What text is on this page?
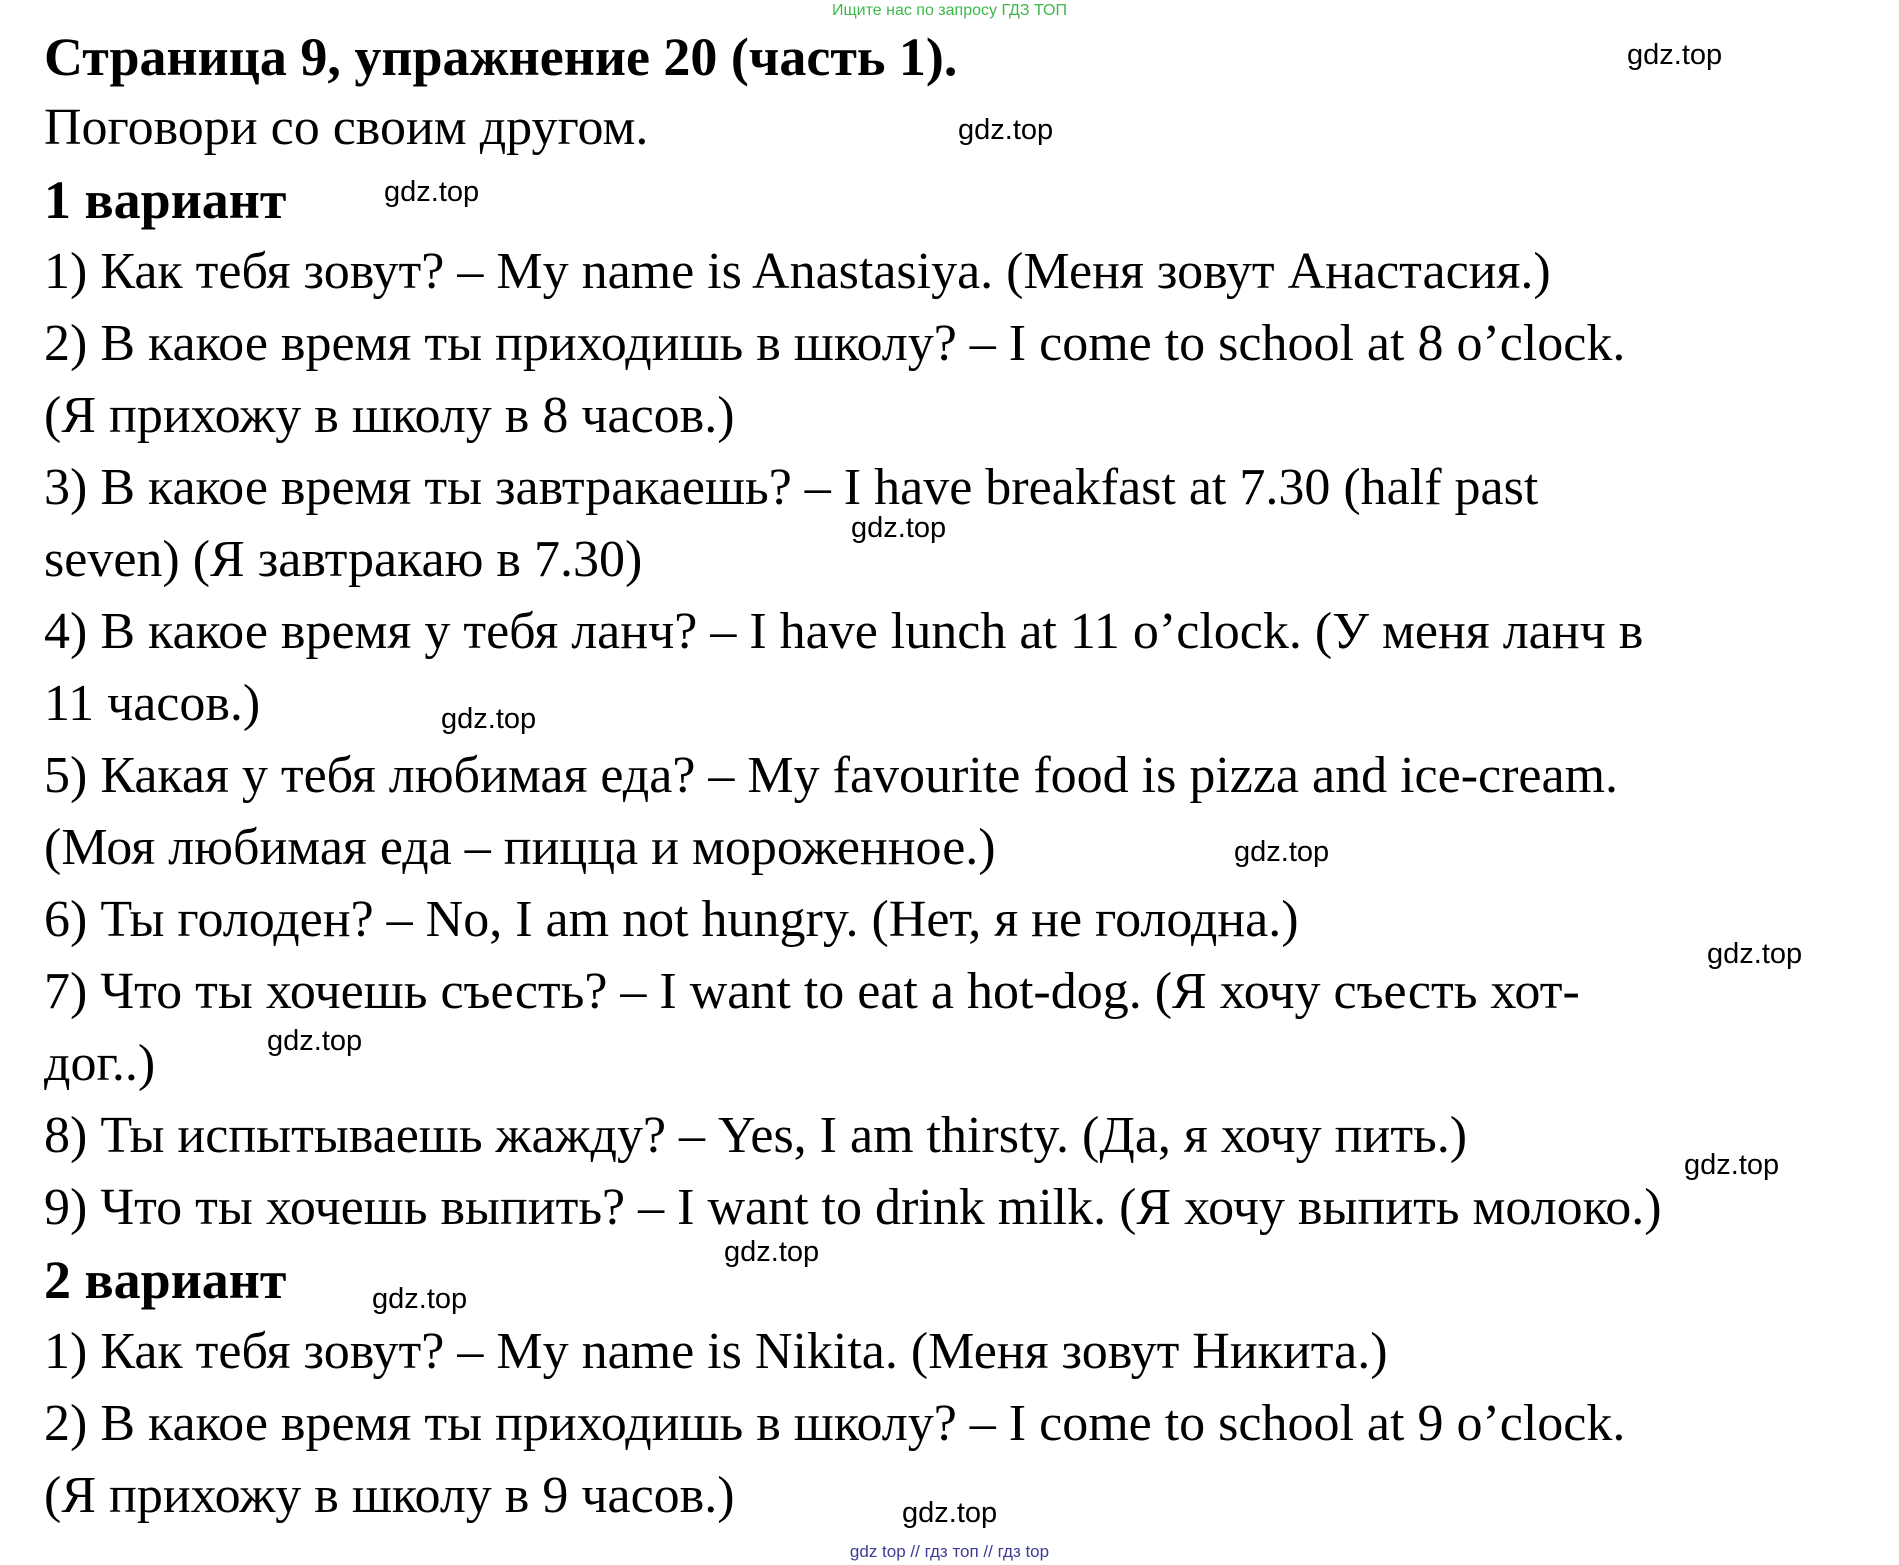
Ищите нас по запросу ГДЗ ТОП

Страница 9, упражнение 20 (часть 1).

Поговори со своим другом.

1 вариант

1) Как тебя зовут? – My name is Anastasiya. (Меня зовут Анастасия.)

2) В какое время ты приходишь в школу? – I come to school at 8 o’clock.

(Я прихожу в школу в 8 часов.)

3) В какое время ты завтракаешь? – I have breakfast at 7.30 (half past

seven) (Я завтракаю в 7.30)

4) В какое время у тебя ланч? – I have lunch at 11 o’clock. (У меня ланч в

11 часов.)

5) Какая у тебя любимая еда? – My favourite food is pizza and ice-cream.

(Моя любимая еда – пицца и мороженное.)

6) Ты голоден? – No, I am not hungry. (Нет, я не голодна.)

7) Что ты хочешь съесть? – I want to eat a hot-dog. (Я хочу съесть хот-

дог..)

8) Ты испытываешь жажду? – Yes, I am thirsty. (Да, я хочу пить.)

9) Что ты хочешь выпить? – I want to drink milk. (Я хочу выпить молоко.)

2 вариант

1) Как тебя зовут? – My name is Nikita. (Меня зовут Никита.)

2) В какое время ты приходишь в школу? – I come to school at 9 o’clock.

(Я прихожу в школу в 9 часов.)

gdz.top
gdz.top
gdz.top
gdz.top
gdz.top
gdz.top
gdz.top
gdz.top
gdz.top
gdz.top
gdz.top
gdz.top
gdz top // гдз топ // гдз top
